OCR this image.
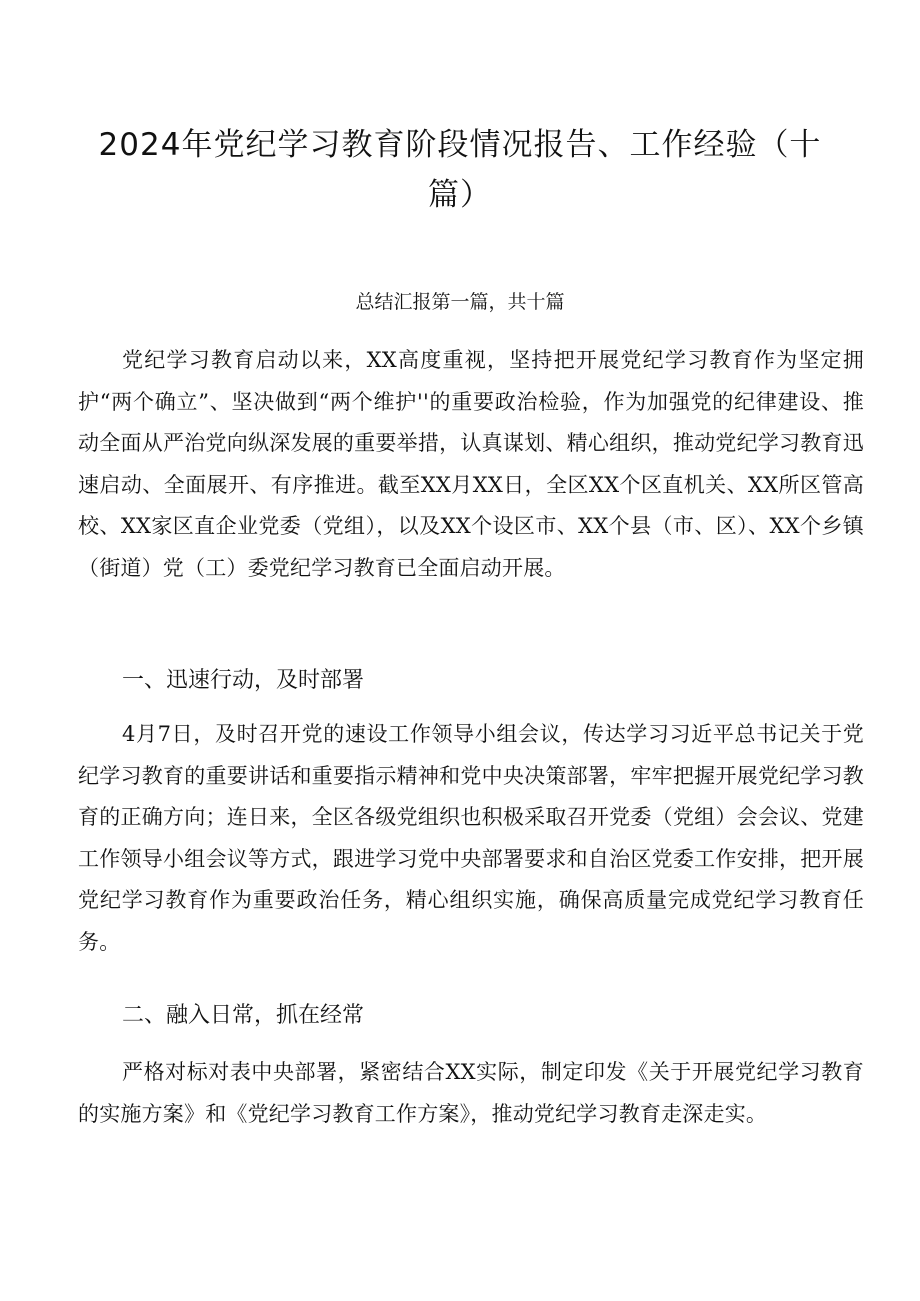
2024年党纪学习教育阶段情况报告、工作经验（十篇）

总结汇报第一篇，共十篇

党纪学习教育启动以来，XX高度重视，坚持把开展党纪学习教育作为坚定拥护“两个确立”、坚决做到“两个维护''的重要政治检验，作为加强党的纪律建设、推动全面从严治党向纵深发展的重要举措，认真谋划、精心组织，推动党纪学习教育迅速启动、全面展开、有序推进。截至XX月XX日，全区XX个区直机关、XX所区管高校、XX家区直企业党委（党组），以及XX个设区市、XX个县（市、区）、XX个乡镇（街道）党（工）委党纪学习教育已全面启动开展。

一、迅速行动，及时部署

4月7日，及时召开党的速设工作领导小组会议，传达学习习近平总书记关于党纪学习教育的重要讲话和重要指示精神和党中央决策部署，牢牢把握开展党纪学习教育的正确方向；连日来，全区各级党组织也积极采取召开党委（党组）会会议、党建工作领导小组会议等方式，跟进学习党中央部署要求和自治区党委工作安排，把开展党纪学习教育作为重要政治任务，精心组织实施，确保高质量完成党纪学习教育任务。

二、融入日常，抓在经常

严格对标对表中央部署，紧密结合XX实际，制定印发《关于开展党纪学习教育的实施方案》和《党纪学习教育工作方案》，推动党纪学习教育走深走实。
